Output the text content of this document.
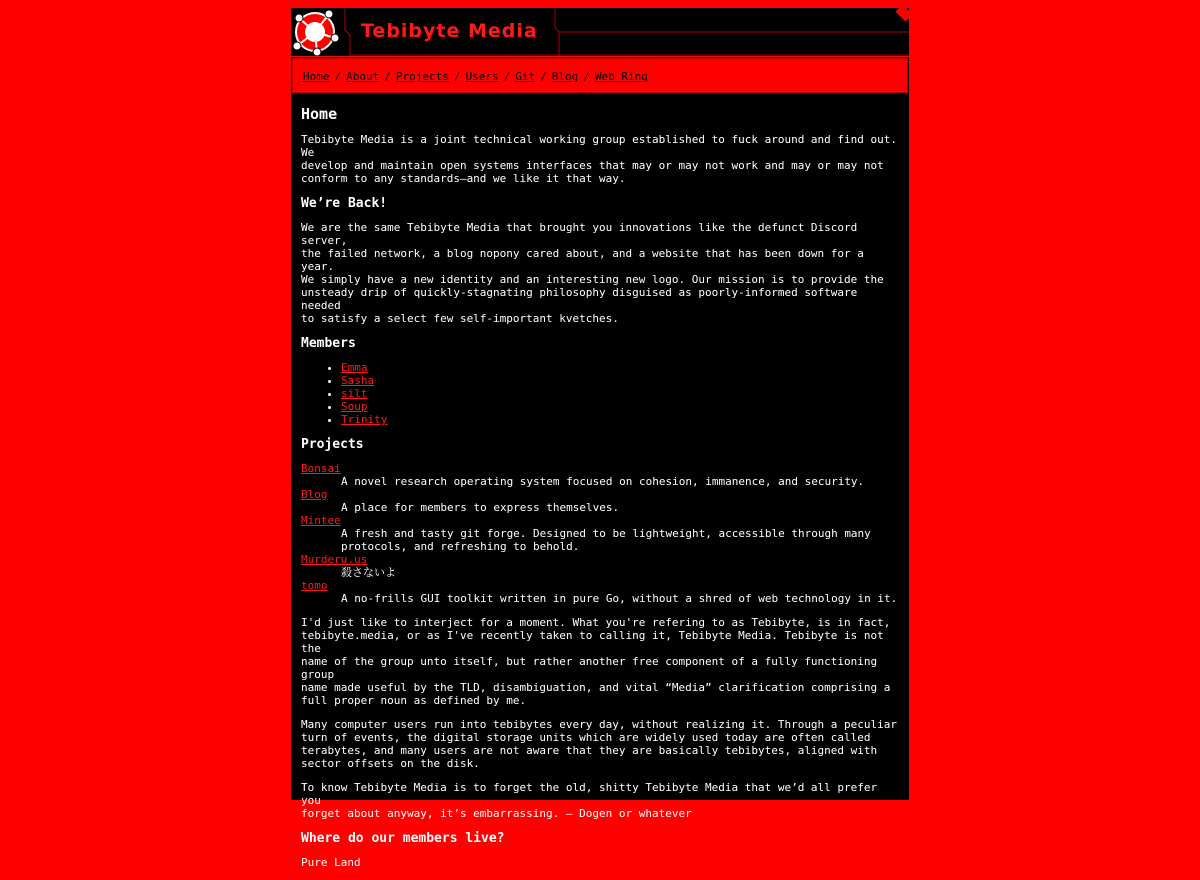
Tebibyte Media
Home / About / Projects / Users / Git / Blog / Web Ring
Home

Tebibyte Media is a joint technical working group established to fuck around and find out. We
develop and maintain open systems interfaces that may or may not work and may or may not
conform to any standards—and we like it that way.

We’re Back!

We are the same Tebibyte Media that brought you innovations like the defunct Discord server,
the failed network, a blog nopony cared about, and a website that has been down for a year.
We simply have a new identity and an interesting new logo. Our mission is to provide the
unsteady drip of quickly-stagnating philosophy disguised as poorly-informed software needed
to satisfy a select few self-important kvetches.

Members
• Emma
• Sasha
• silt
• Soup
• Trinity
Projects
Bonsai
A novel research operating system focused on cohesion, immanence, and security.
Blog
A place for members to express themselves.
Mintee
A fresh and tasty git forge. Designed to be lightweight, accessible through many
protocols, and refreshing to behold.
Murderu.us
殺さないよ
tomo
A no-frills GUI toolkit written in pure Go, without a shred of web technology in it.

I'd just like to interject for a moment. What you're refering to as Tebibyte, is in fact,
tebibyte.media, or as I've recently taken to calling it, Tebibyte Media. Tebibyte is not the
name of the group unto itself, but rather another free component of a fully functioning group
name made useful by the TLD, disambiguation, and vital “Media” clarification comprising a
full proper noun as defined by me.

Many computer users run into tebibytes every day, without realizing it. Through a peculiar
turn of events, the digital storage units which are widely used today are often called
terabytes, and many users are not aware that they are basically tebibytes, aligned with
sector offsets on the disk.

To know Tebibyte Media is to forget the old, shitty Tebibyte Media that we’d all prefer you
forget about anyway, it’s embarrassing. — Dogen or whatever

Where do our members live?

Pure Land
